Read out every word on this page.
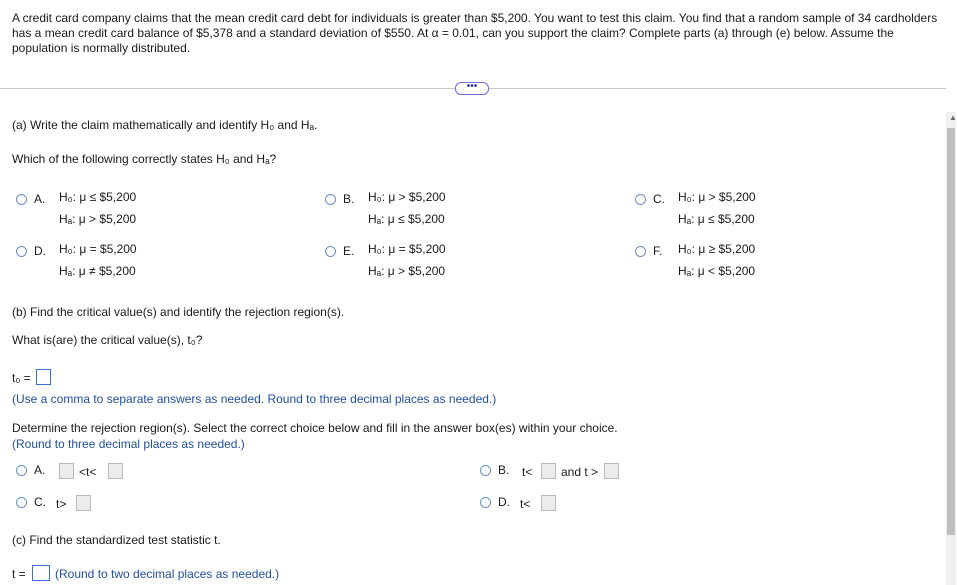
A credit card company claims that the mean credit card debt for individuals is greater than $5,200. You want to test this claim. You find that a random sample of 34 cardholders has a mean credit card balance of $5,378 and a standard deviation of $550. At α = 0.01, can you support the claim? Complete parts (a) through (e) below. Assume the population is normally distributed.
•••
▲
(a) Write the claim mathematically and identify H₀ and Hₐ.
Which of the following correctly states H₀ and Hₐ?
A. H₀: μ ≤ $5,200
Hₐ: μ > $5,200
B. H₀: μ > $5,200
Hₐ: μ ≤ $5,200
C. H₀: μ > $5,200
Hₐ: μ ≤ $5,200
D. H₀: μ = $5,200
Hₐ: μ ≠ $5,200
E. H₀: μ = $5,200
Hₐ: μ > $5,200
F. H₀: μ ≥ $5,200
Hₐ: μ < $5,200
(b) Find the critical value(s) and identify the rejection region(s).
What is(are) the critical value(s), t₀?
t₀ =
(Use a comma to separate answers as needed. Round to three decimal places as needed.)
Determine the rejection region(s). Select the correct choice below and fill in the answer box(es) within your choice.
(Round to three decimal places as needed.)
A.	<t<	B. t< and t >
C. t>	D. t<
(c) Find the standardized test statistic t.
t = (Round to two decimal places as needed.)
